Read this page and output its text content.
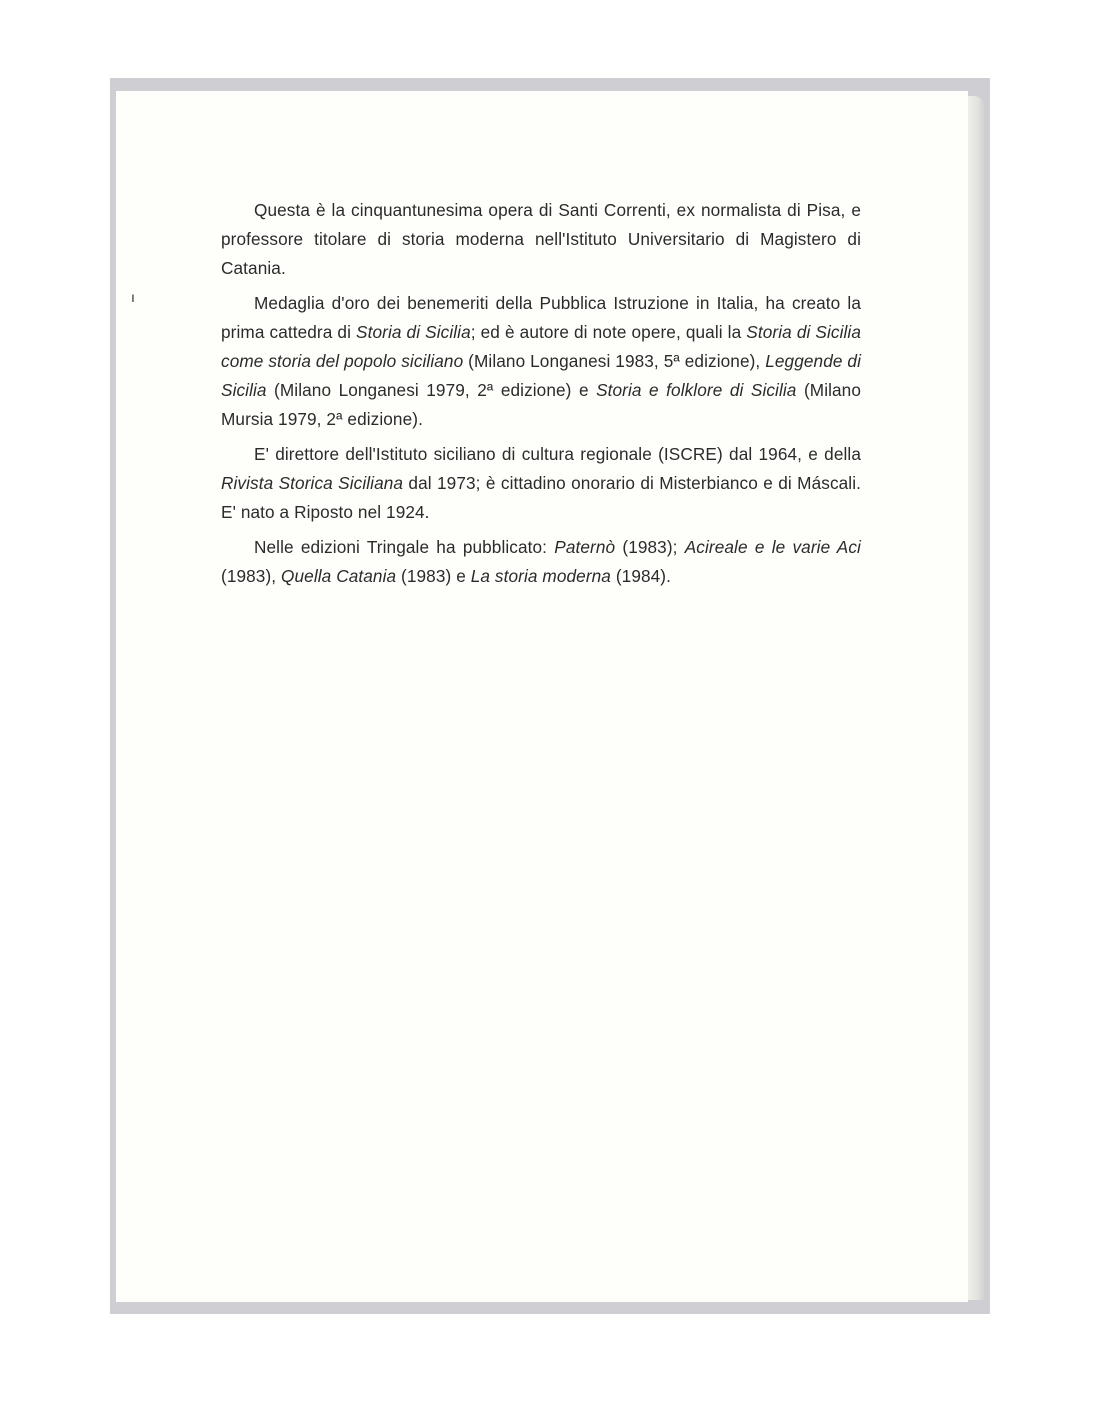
ı

Questa è la cinquantunesima opera di Santi Correnti, ex normalista di Pisa, e professore titolare di storia moderna nell'Istituto Universitario di Magistero di Catania.

Medaglia d'oro dei benemeriti della Pubblica Istruzione in Italia, ha creato la prima cattedra di Storia di Sicilia; ed è autore di note opere, quali la Storia di Sicilia come storia del popolo siciliano (Milano Longanesi 1983, 5ª edizione), Leggende di Sicilia (Milano Longanesi 1979, 2ª edizione) e Storia e folklore di Sicilia (Milano Mursia 1979, 2ª edizione).

E' direttore dell'Istituto siciliano di cultura regionale (ISCRE) dal 1964, e della Rivista Storica Siciliana dal 1973; è cittadino onorario di Misterbianco e di Máscali. E' nato a Riposto nel 1924.

Nelle edizioni Tringale ha pubblicato: Paternò (1983); Acireale e le varie Aci (1983), Quella Catania (1983) e La storia moderna (1984).
